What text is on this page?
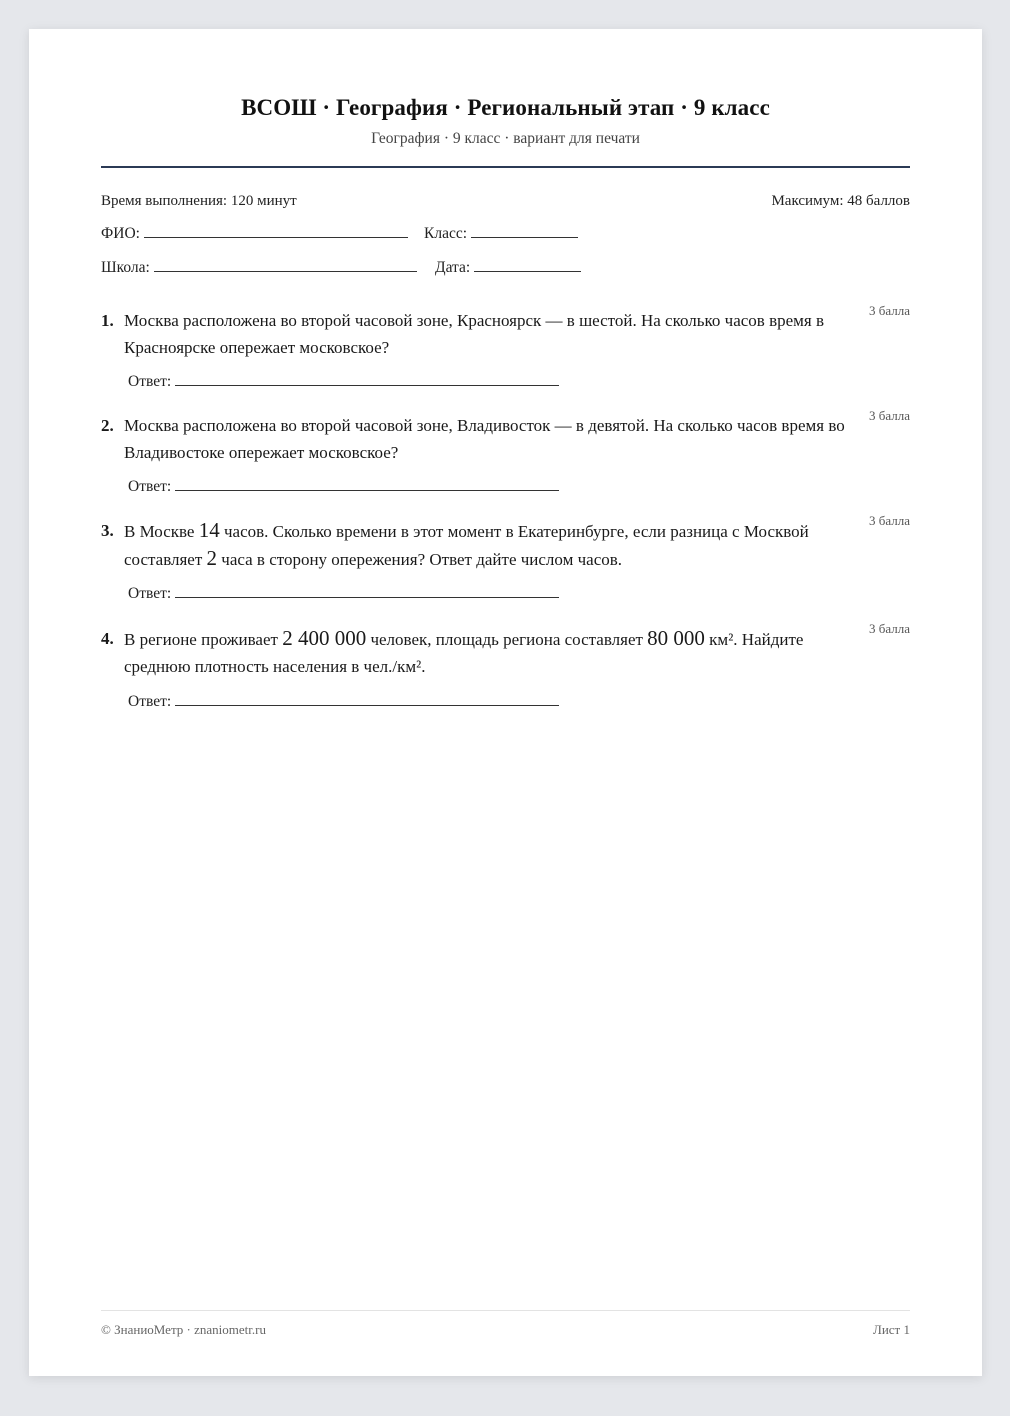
ВСОШ · География · Региональный этап · 9 класс
География · 9 класс · вариант для печати
Время выполнения: 120 минут	Максимум: 48 баллов
ФИО:	Класс:
Школа:	Дата:
1. Москва расположена во второй часовой зоне, Красноярск — в шестой. На сколько часов время в Красноярске опережает московское?
3 балла
Ответ:
2. Москва расположена во второй часовой зоне, Владивосток — в девятой. На сколько часов время во Владивостоке опережает московское?
3 балла
Ответ:
3. В Москве 14 часов. Сколько времени в этот момент в Екатеринбурге, если разница с Москвой составляет 2 часа в сторону опережения? Ответ дайте числом часов.
3 балла
Ответ:
4. В регионе проживает 2 400 000 человек, площадь региона составляет 80 000 км². Найдите среднюю плотность населения в чел./км².
3 балла
Ответ:
© ЗнаниоМетр · znaniometr.ru	Лист 1
